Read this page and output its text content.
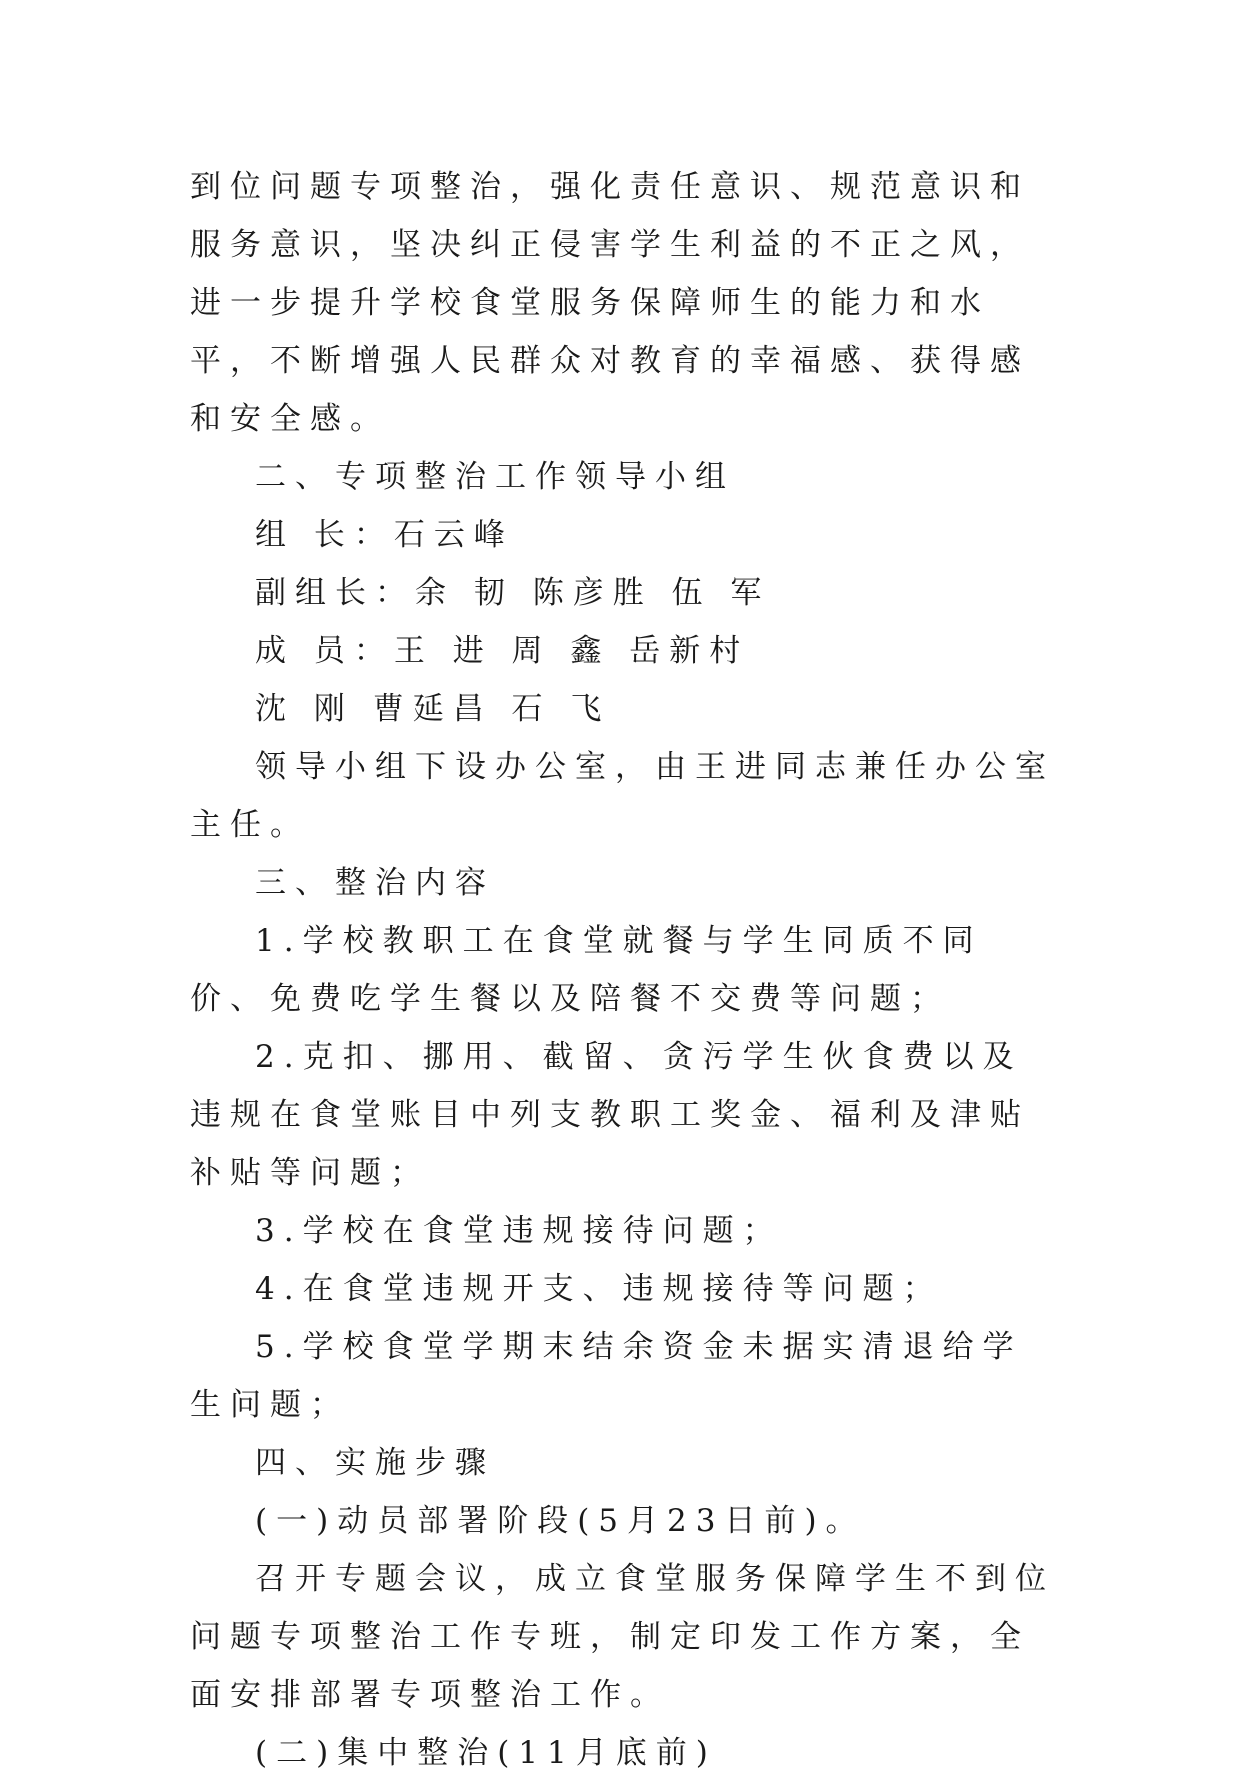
到位问题专项整治，强化责任意识、规范意识和服务意识，坚决纠正侵害学生利益的不正之风，进一步提升学校食堂服务保障师生的能力和水平，不断增强人民群众对教育的幸福感、获得感和安全感。

二、专项整治工作领导小组

组 长：石云峰

副组长：余 韧 陈彦胜 伍 军

成 员：王 进 周 鑫 岳新村

沈 刚 曹延昌 石 飞

领导小组下设办公室，由王进同志兼任办公室主任。

三、整治内容

1.学校教职工在食堂就餐与学生同质不同价、免费吃学生餐以及陪餐不交费等问题；

2.克扣、挪用、截留、贪污学生伙食费以及违规在食堂账目中列支教职工奖金、福利及津贴补贴等问题；

3.学校在食堂违规接待问题；

4.在食堂违规开支、违规接待等问题；

5.学校食堂学期末结余资金未据实清退给学生问题；

四、实施步骤

(一)动员部署阶段(5月23日前)。

召开专题会议，成立食堂服务保障学生不到位问题专项整治工作专班，制定印发工作方案，全面安排部署专项整治工作。

(二)集中整治(11月底前)
